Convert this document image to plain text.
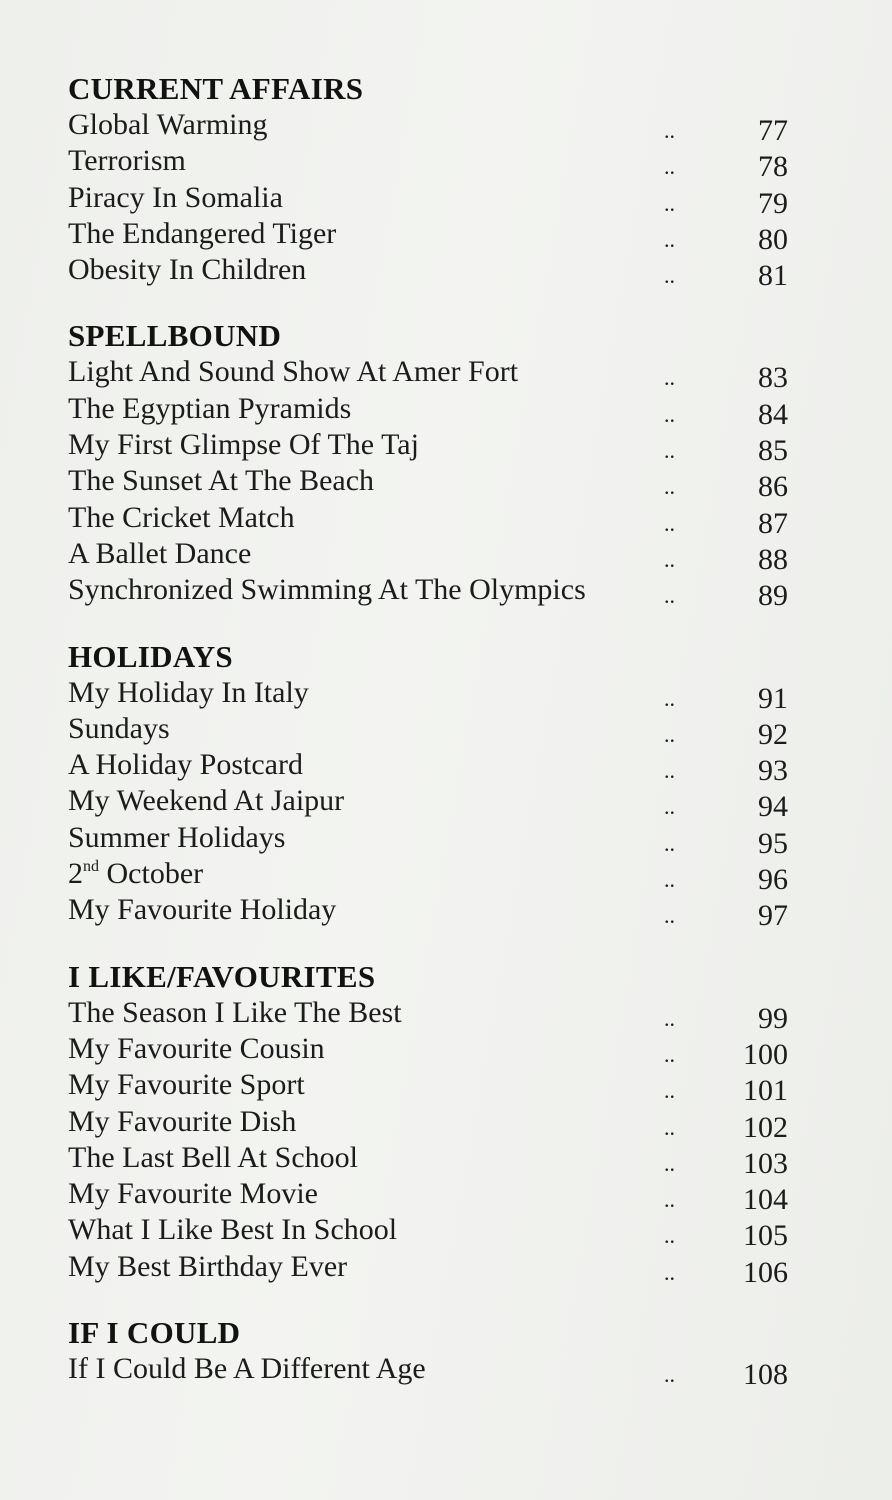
CURRENT AFFAIRS
Global Warming	..	77
Terrorism	..	78
Piracy In Somalia	..	79
The Endangered Tiger	..	80
Obesity In Children	..	81
SPELLBOUND
Light And Sound Show At Amer Fort	..	83
The Egyptian Pyramids	..	84
My First Glimpse Of The Taj	..	85
The Sunset At The Beach	..	86
The Cricket Match	..	87
A Ballet Dance	..	88
Synchronized Swimming At The Olympics	..	89
HOLIDAYS
My Holiday In Italy	..	91
Sundays	..	92
A Holiday Postcard	..	93
My Weekend At Jaipur	..	94
Summer Holidays	..	95
2nd October	..	96
My Favourite Holiday	..	97
I LIKE/FAVOURITES
The Season I Like The Best	..	99
My Favourite Cousin	..	100
My Favourite Sport	..	101
My Favourite Dish	..	102
The Last Bell At School	..	103
My Favourite Movie	..	104
What I Like Best In School	..	105
My Best Birthday Ever	..	106
IF I COULD
If I Could Be A Different Age	..	108
